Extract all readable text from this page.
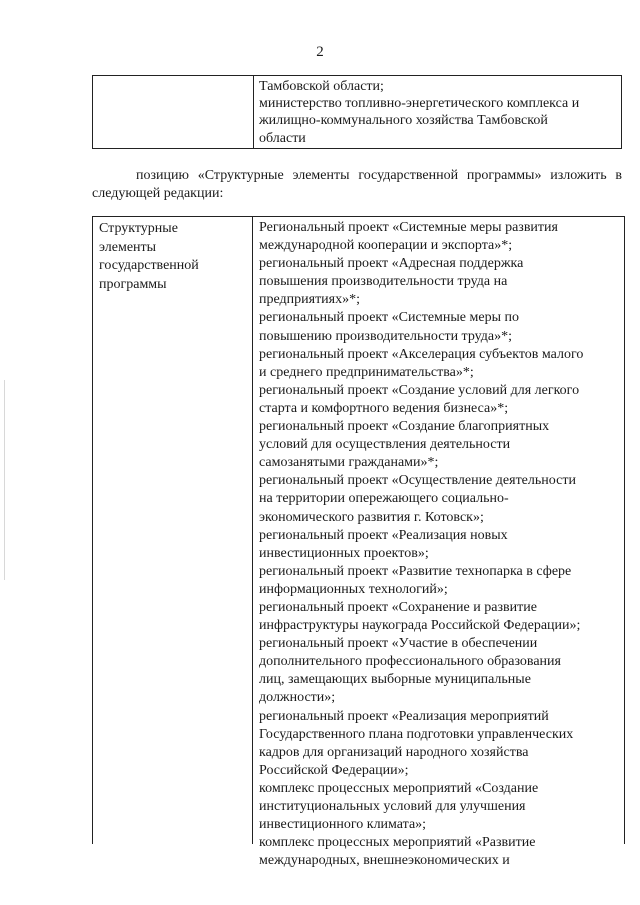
2
Тамбовской области;
министерство топливно-энергетического комплекса и
жилищно-коммунального хозяйства Тамбовской
области
позицию «Структурные элементы государственной программы» изложить в следующей редакции:
Структурные
элементы
государственной
программы
Региональный проект «Системные меры развития
международной кооперации и экспорта»*;
региональный проект «Адресная поддержка
повышения производительности труда на
предприятиях»*;
региональный проект «Системные меры по
повышению производительности труда»*;
региональный проект «Акселерация субъектов малого
и среднего предпринимательства»*;
региональный проект «Создание условий для легкого
старта и комфортного ведения бизнеса»*;
региональный проект «Создание благоприятных
условий для осуществления деятельности
самозанятыми гражданами»*;
региональный проект «Осуществление деятельности
на территории опережающего социально-
экономического развития г. Котовск»;
региональный проект «Реализация новых
инвестиционных проектов»;
региональный проект «Развитие технопарка в сфере
информационных технологий»;
региональный проект «Сохранение и развитие
инфраструктуры наукограда Российской Федерации»;
региональный проект «Участие в обеспечении
дополнительного профессионального образования
лиц, замещающих выборные муниципальные
должности»;
региональный проект «Реализация мероприятий
Государственного плана подготовки управленческих
кадров для организаций народного хозяйства
Российской Федерации»;
комплекс процессных мероприятий «Создание
институциональных условий для улучшения
инвестиционного климата»;
комплекс процессных мероприятий «Развитие
международных, внешнеэкономических и
